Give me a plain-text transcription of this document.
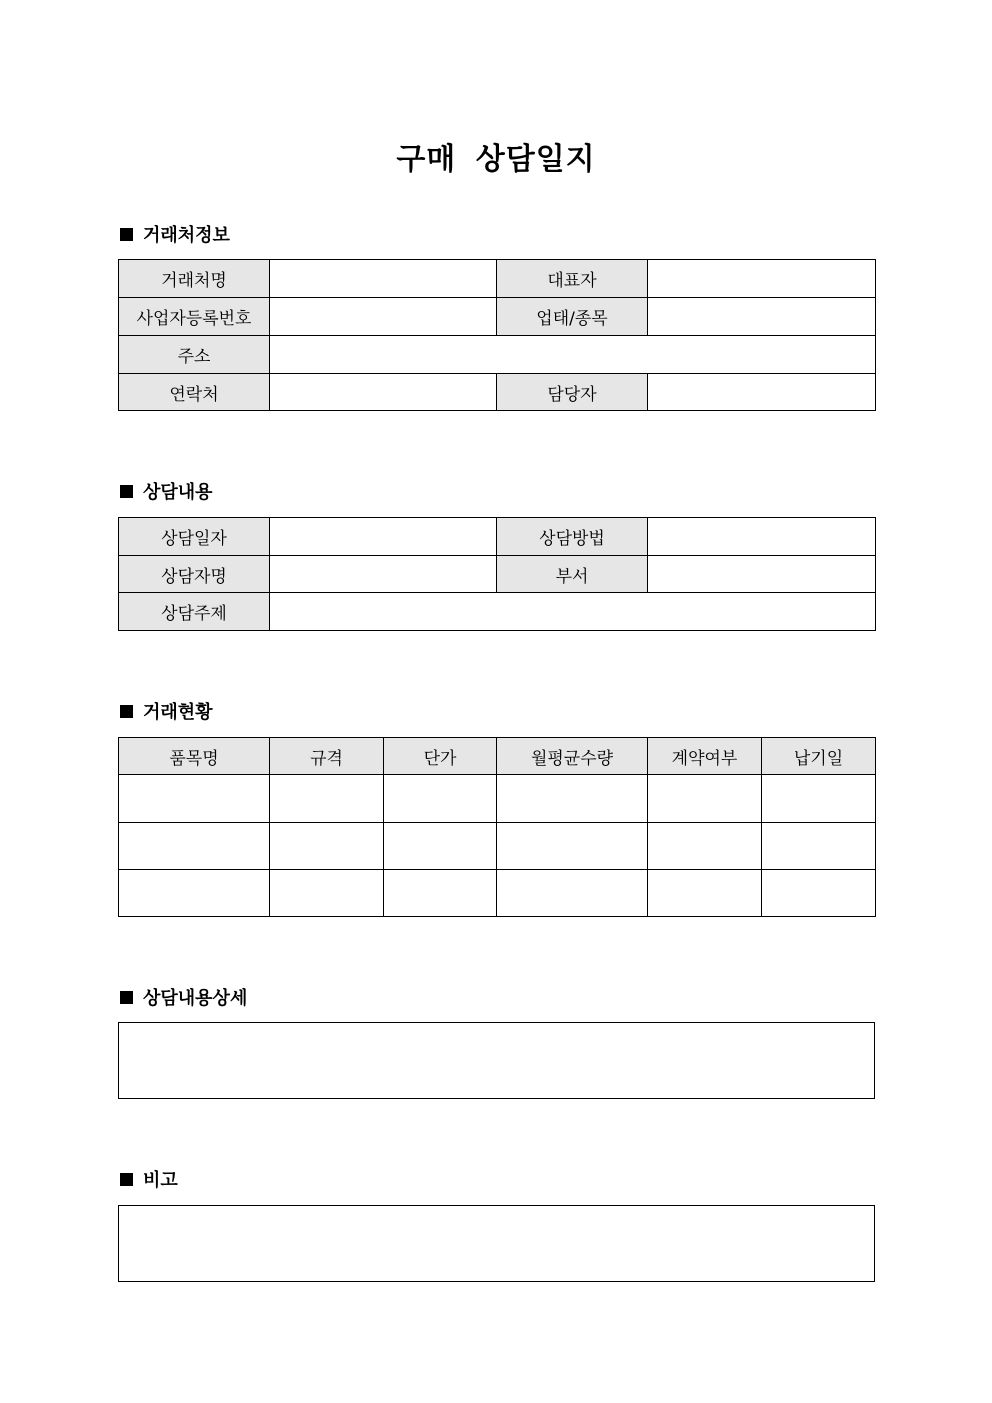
구매 상담일지
거래처정보
거래처명		대표자	
사업자등록번호		업태/종목	
주소			
연락처		담당자	
상담내용
상담일자		상담방법	
상담자명		부서	
상담주제			
거래현황
품목명	규격	단가	월평균수량	계약여부	납기일

상담내용상세
비고
